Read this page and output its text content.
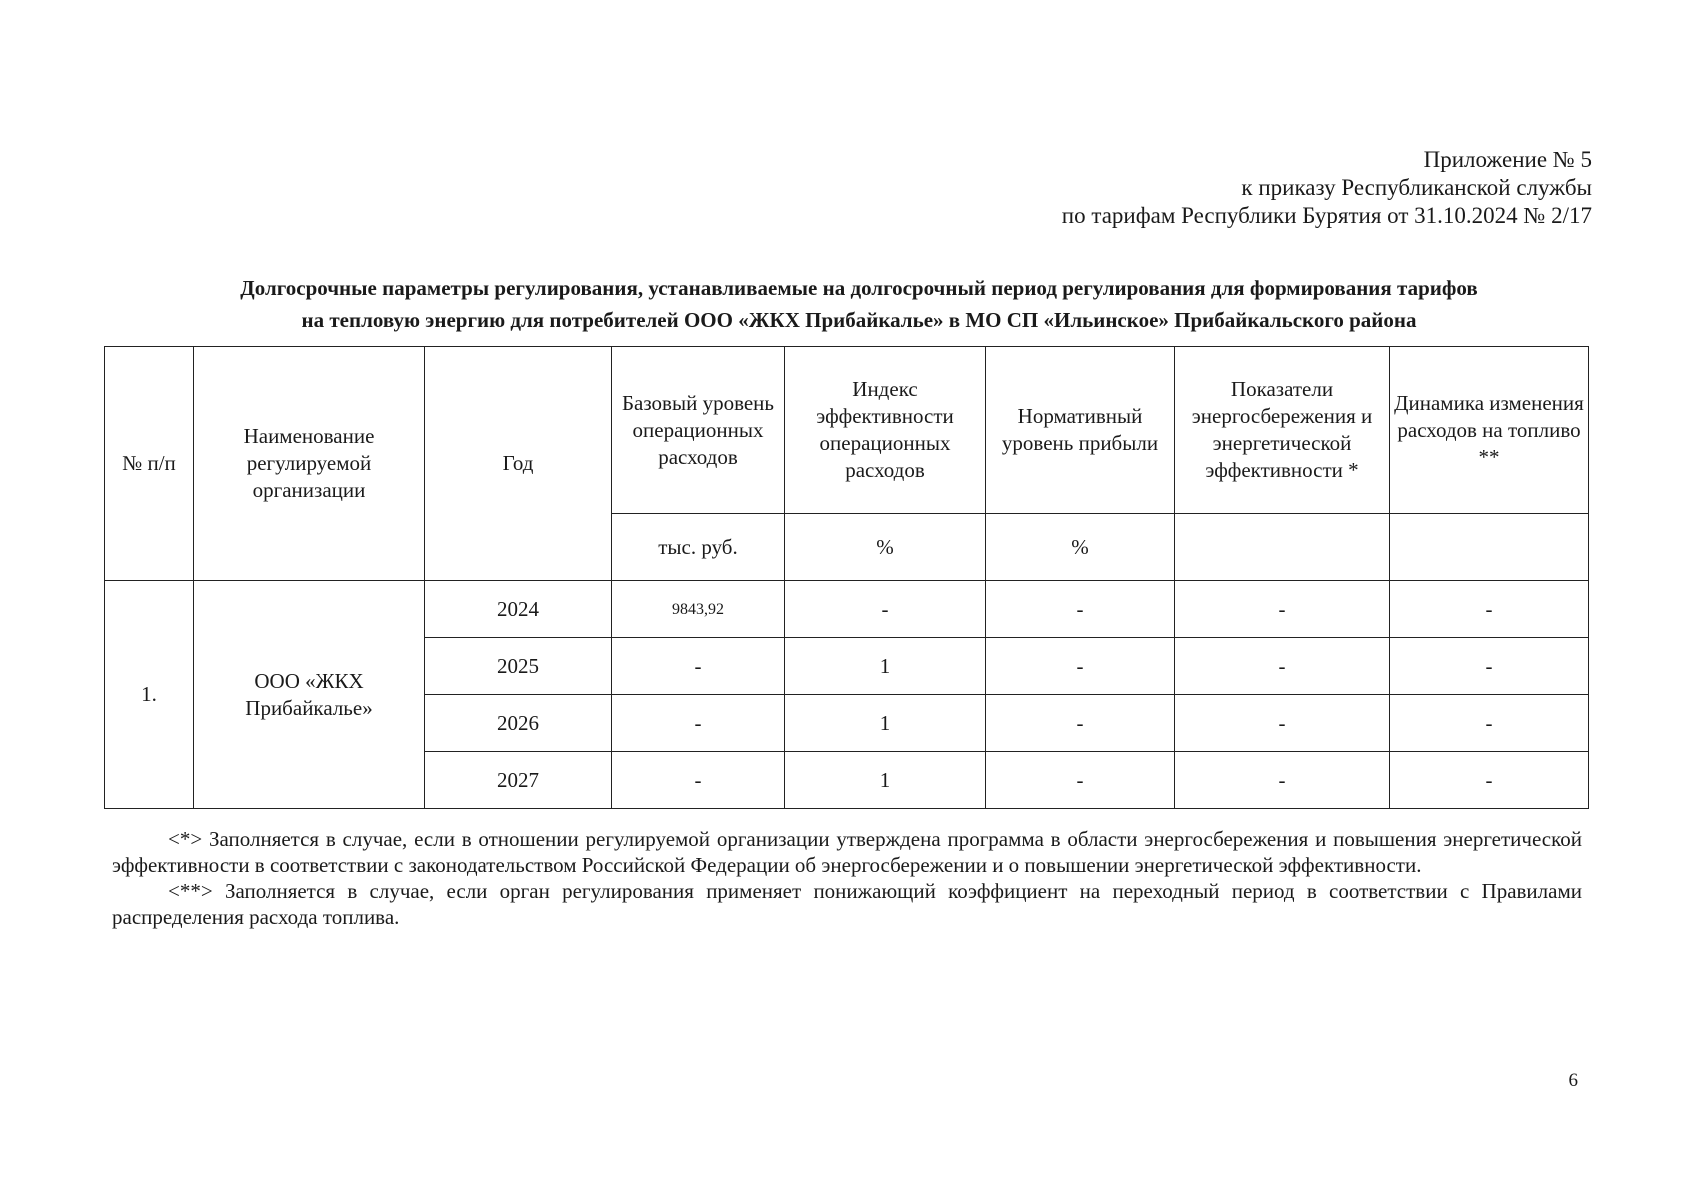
Приложение № 5
к приказу Республиканской службы
по тарифам Республики Бурятия от 31.10.2024 № 2/17
Долгосрочные параметры регулирования, устанавливаемые на долгосрочный период регулирования для формирования тарифов
на тепловую энергию для потребителей ООО «ЖКХ Прибайкалье» в МО СП «Ильинское» Прибайкальского района
№ п/п	Наименование регулируемой организации	Год	Базовый уровень операционных расходов	Индекс эффективности операционных расходов	Нормативный уровень прибыли	Показатели энергосбережения и энергетической эффективности *	Динамика изменения расходов на топливо **
			тыс. руб.	%	%		
1.	ООО «ЖКХ Прибайкалье»	2024	9843,92	-	-	-	-
		2025	-	1	-	-	-
		2026	-	1	-	-	-
		2027	-	1	-	-	-

<*> Заполняется в случае, если в отношении регулируемой организации утверждена программа в области энергосбережения и повышения энергетической эффективности в соответствии с законодательством Российской Федерации об энергосбережении и о повышении энергетической эффективности.

<**> Заполняется в случае, если орган регулирования применяет понижающий коэффициент на переходный период в соответствии с Правилами распределения расхода топлива.

6
